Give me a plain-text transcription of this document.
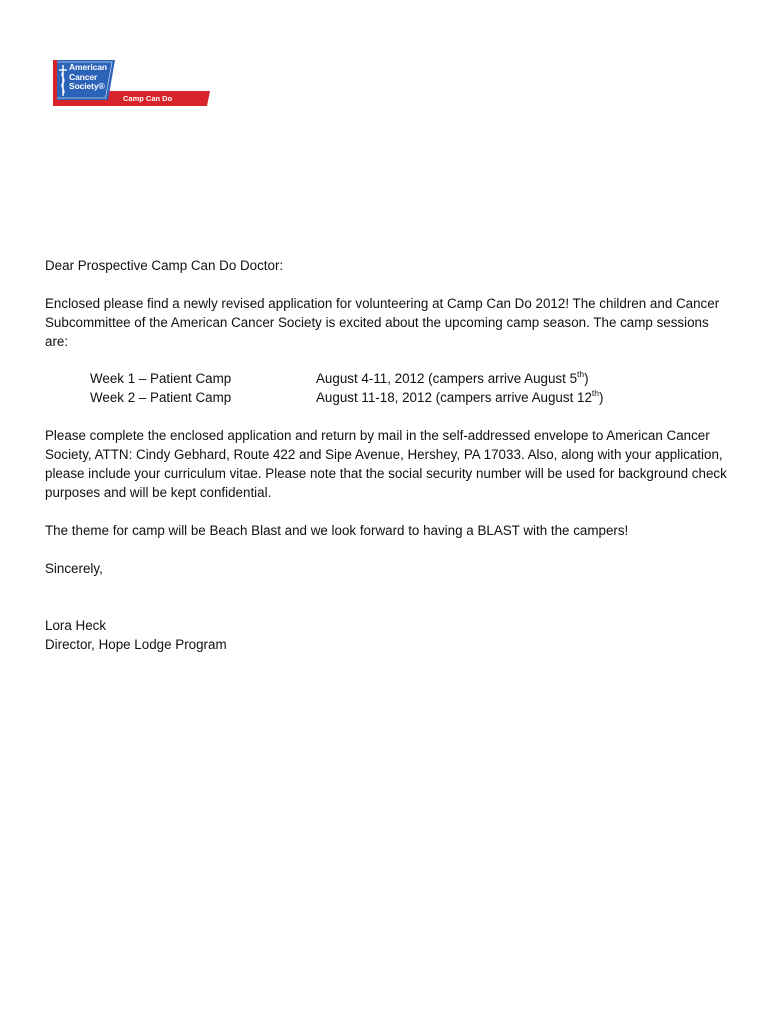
American
Cancer
Society®
Camp Can Do

Dear Prospective Camp Can Do Doctor:

Enclosed please find a newly revised application for volunteering at Camp Can Do 2012! The children and Cancer Subcommittee of the American Cancer Society is excited about the upcoming camp season. The camp sessions are:

Week 1 – Patient Camp	August 4-11, 2012 (campers arrive August 5th)
Week 2 – Patient Camp	August 11-18, 2012 (campers arrive August 12th)

Please complete the enclosed application and return by mail in the self-addressed envelope to American Cancer Society, ATTN: Cindy Gebhard, Route 422 and Sipe Avenue, Hershey, PA 17033. Also, along with your application, please include your curriculum vitae. Please note that the social security number will be used for background check purposes and will be kept confidential.

The theme for camp will be Beach Blast and we look forward to having a BLAST with the campers!

Sincerely,

Lora Heck
Director, Hope Lodge Program
